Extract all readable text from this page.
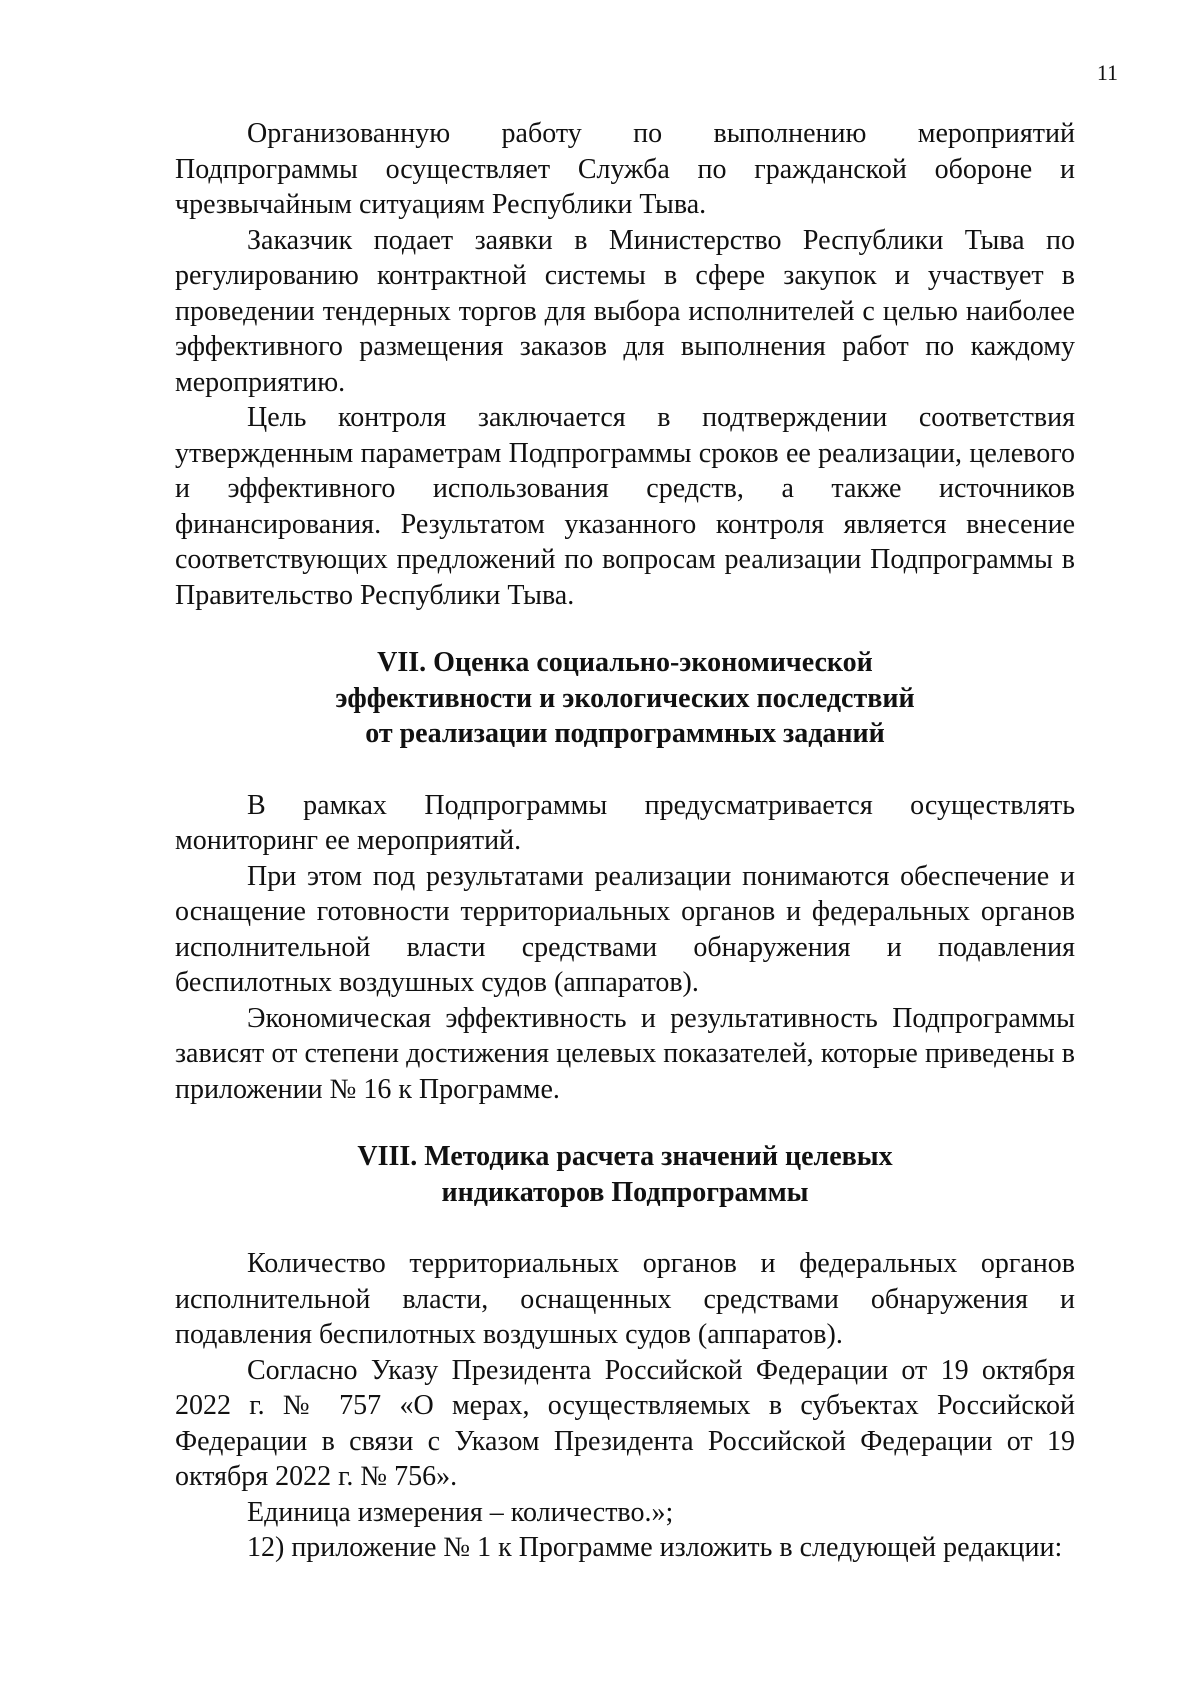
11

Организованную работу по выполнению мероприятий Подпрограммы осуществляет Служба по гражданской обороне и чрезвычайным ситуациям Республики Тыва.

Заказчик подает заявки в Министерство Республики Тыва по регулированию контрактной системы в сфере закупок и участвует в проведении тендерных торгов для выбора исполнителей с целью наиболее эффективного размещения заказов для выполнения работ по каждому мероприятию.

Цель контроля заключается в подтверждении соответствия утвержденным параметрам Подпрограммы сроков ее реализации, целевого и эффективного использования средств, а также источников финансирования. Результатом указанного контроля является внесение соответствующих предложений по вопросам реализации Подпрограммы в Правительство Республики Тыва.

VII. Оценка социально-экономической
эффективности и экологических последствий
от реализации подпрограммных заданий

В рамках Подпрограммы предусматривается осуществлять мониторинг ее мероприятий.

При этом под результатами реализации понимаются обеспечение и оснащение готовности территориальных органов и федеральных органов исполнительной власти средствами обнаружения и подавления беспилотных воздушных судов (аппаратов).

Экономическая эффективность и результативность Подпрограммы зависят от степени достижения целевых показателей, которые приведены в приложении № 16 к Программе.

VIII. Методика расчета значений целевых
индикаторов Подпрограммы

Количество территориальных органов и федеральных органов исполнительной власти, оснащенных средствами обнаружения и подавления беспилотных воздушных судов (аппаратов).

Согласно Указу Президента Российской Федерации от 19 октября 2022 г. № 757 «О мерах, осуществляемых в субъектах Российской Федерации в связи с Указом Президента Российской Федерации от 19 октября 2022 г. № 756».

Единица измерения – количество.»;

12) приложение № 1 к Программе изложить в следующей редакции:
